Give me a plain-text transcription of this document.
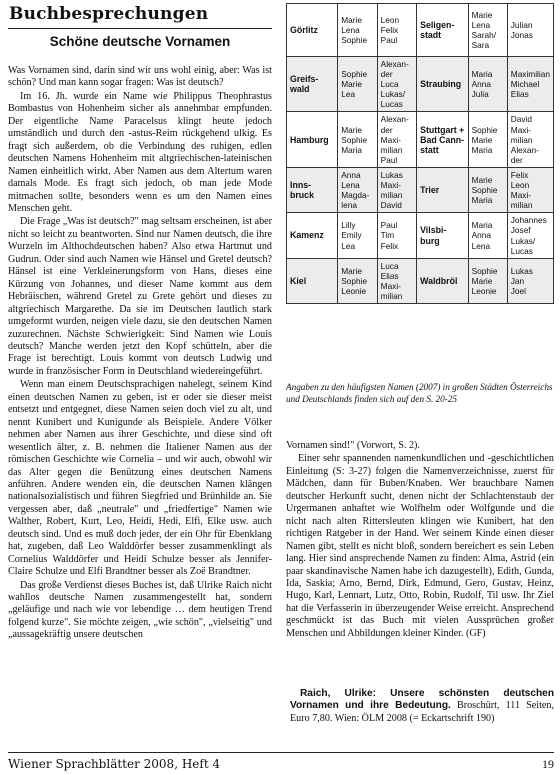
Buchbesprechungen
Schöne deutsche Vornamen

Was Vornamen sind, darin sind wir uns wohl einig, aber: Was ist schön? Und man kann sogar fragen: Was ist deutsch?

Im 16. Jh. wurde ein Name wie Philippus Theophrastus Bombastus von Hohenheim sicher als annehmbar empfunden. Der eigentliche Name Paracelsus klingt heute jedoch umständlich und durch den -astus-Reim rückgehend ulkig. Es fragt sich außerdem, ob die Verbindung des ruhigen, edlen deutschen Namens Hohenheim mit altgriechischen-lateinischen Namen einheitlich wirkt. Aber Namen aus dem Altertum waren damals Mode. Es fragt sich jedoch, ob man jede Mode mitmachen sollte, besonders wenn es um den Namen eines Menschen geht.

Die Frage „Was ist deutsch?" mag seltsam erscheinen, ist aber nicht so leicht zu beantworten. Sind nur Namen deutsch, die ihre Wurzeln im Althochdeutschen haben? Also etwa Hartmut und Gudrun. Oder sind auch Namen wie Hänsel und Gretel deutsch? Hänsel ist eine Verkleinerungsform von Hans, dieses eine Kürzung von Johannes, und dieser Name kommt aus dem Hebräischen, während Gretel zu Grete gehört und dieses zu altgriechisch Margarethe. Da sie im Deutschen lautlich stark umgeformt wurden, neigen viele dazu, sie den deutschen Namen zuzurechnen. Nächste Schwierigkeit: Sind Namen wie Louis deutsch? Manche werden jetzt den Kopf schütteln, aber die Frage ist berechtigt. Louis kommt von deutsch Ludwig und wurde in französischer Form in Deutschland wiedereingeführt.

Wenn man einem Deutschsprachigen nahelegt, seinem Kind einen deutschen Namen zu geben, ist er oder sie dieser meist entsetzt und entgegnet, diese Namen seien doch viel zu alt, und nennt Kunibert und Kunigunde als Beispiele. Andere Völker nehmen aber Namen aus ihrer Geschichte, und diese sind oft wesentlich älter, z. B. nehmen die Italiener Namen aus der römischen Geschichte wie Cornelia – und wir auch, obwohl wir das Alter gegen die Benützung eines deutschen Namens anführen. Andere wenden ein, die deutschen Namen klängen nationalsozialistisch und führen Siegfried und Brünhilde an. Sie vergessen aber, daß „neutrale" und „friedfertige" Namen wie Walther, Robert, Kurt, Leo, Heidi, Hedi, Elfi, Elke usw. auch deutsch sind. Und es muß doch jeder, der ein Ohr für Ebenklang hat, zugeben, daß Leo Walddörfer besser zusammenklingt als Cornelius Walddörfer und Heidi Schulze besser als Jennifer-Claire Schulze und Elfi Brandtner besser als Zoë Brandtner.

Das große Verdienst dieses Buches ist, daß Ulrike Raich nicht wahllos deutsche Namen zusammengestellt hat, sondern „geläufige und nach wie vor lebendige … dem heutigen Trend folgend kurze". Sie möchte zeigen, „wie schön", „vielseitig" und „aussagekräftig unsere deutschen

Görlitz	Marie
Lena
Sophie	Leon
Felix
Paul	Seligen-stadt	Marie
Lena
Sarah/
Sara	Julian
Jonas

Greifs-wald	Sophie
Marie
Lea	Alexan-
der
Luca
Lukas/
Lucas	Straubing	Maria
Anna
Julia	Maximilian
Michael
Elias

Hamburg	Marie
Sophie
Maria	Alexan-
der
Maxi-
milian
Paul	Stuttgart + Bad Cann-statt	Sophie
Marie
Maria	David
Maxi-
milian
Alexan-
der

Inns-bruck	Anna
Lena
Magda-
lena	Lukas
Maxi-
milian
David	Trier	Marie
Sophie
Maria	Felix
Leon
Maxi-
milian

Kamenz	Lilly
Emily
Lea	Paul
Tim
Felix	Vilsbi-burg	Maria
Anna
Lena	Johannes
Josef
Lukas/
Lucas

Kiel	Marie
Sophie
Leonie	Luca
Elias
Maxi-
milian	Waldbröl	Sophie
Marie
Leonie	Lukas
Jan
Joel
Angaben zu den häufigsten Namen (2007) in großen Städten Österreichs und Deutschlands finden sich auf den S. 20-25

Vornamen sind!" (Vorwort, S. 2).

Einer sehr spannenden namenkundlichen und -geschichtlichen Einleitung (S: 3-27) folgen die Namenverzeichnisse, zuerst für Mädchen, dann für Buben/Knaben. Wer brauchbare Namen deutscher Herkunft sucht, denen nicht der Schlachtenstaub der Urgermanen anhaftet wie Wolfhelm oder Wolfgunde und die nicht nach alten Rittersleuten klingen wie Kunibert, hat den richtigen Ratgeber in der Hand. Wer seinem Kinde einen dieser Namen gibt, stellt es nicht bloß, sondern bereichert es sein Leben lang. Hier sind ansprechende Namen zu finden: Alma, Astrid (ein paar skandinavische Namen habe ich dazugestellt), Edith, Gunda, Ida, Saskia; Arno, Bernd, Dirk, Edmund, Gero, Gustav, Heinz, Hugo, Karl, Lennart, Lutz, Otto, Robin, Rudolf, Til usw. Ihr Ziel hat die Verfasserin in überzeugender Weise erreicht. Ansprechend geschmückt ist das Buch mit vielen Aussprüchen großer Menschen und Abbildungen kleiner Kinder. (GF)

Raich, Ulrike: Unsere schönsten deutschen Vornamen und ihre Bedeutung. Broschürt, 111 Seiten, Euro 7,80. Wien: ÖLM 2008 (= Eckartschrift 190)
Wiener Sprachblätter 2008, Heft 4	19
